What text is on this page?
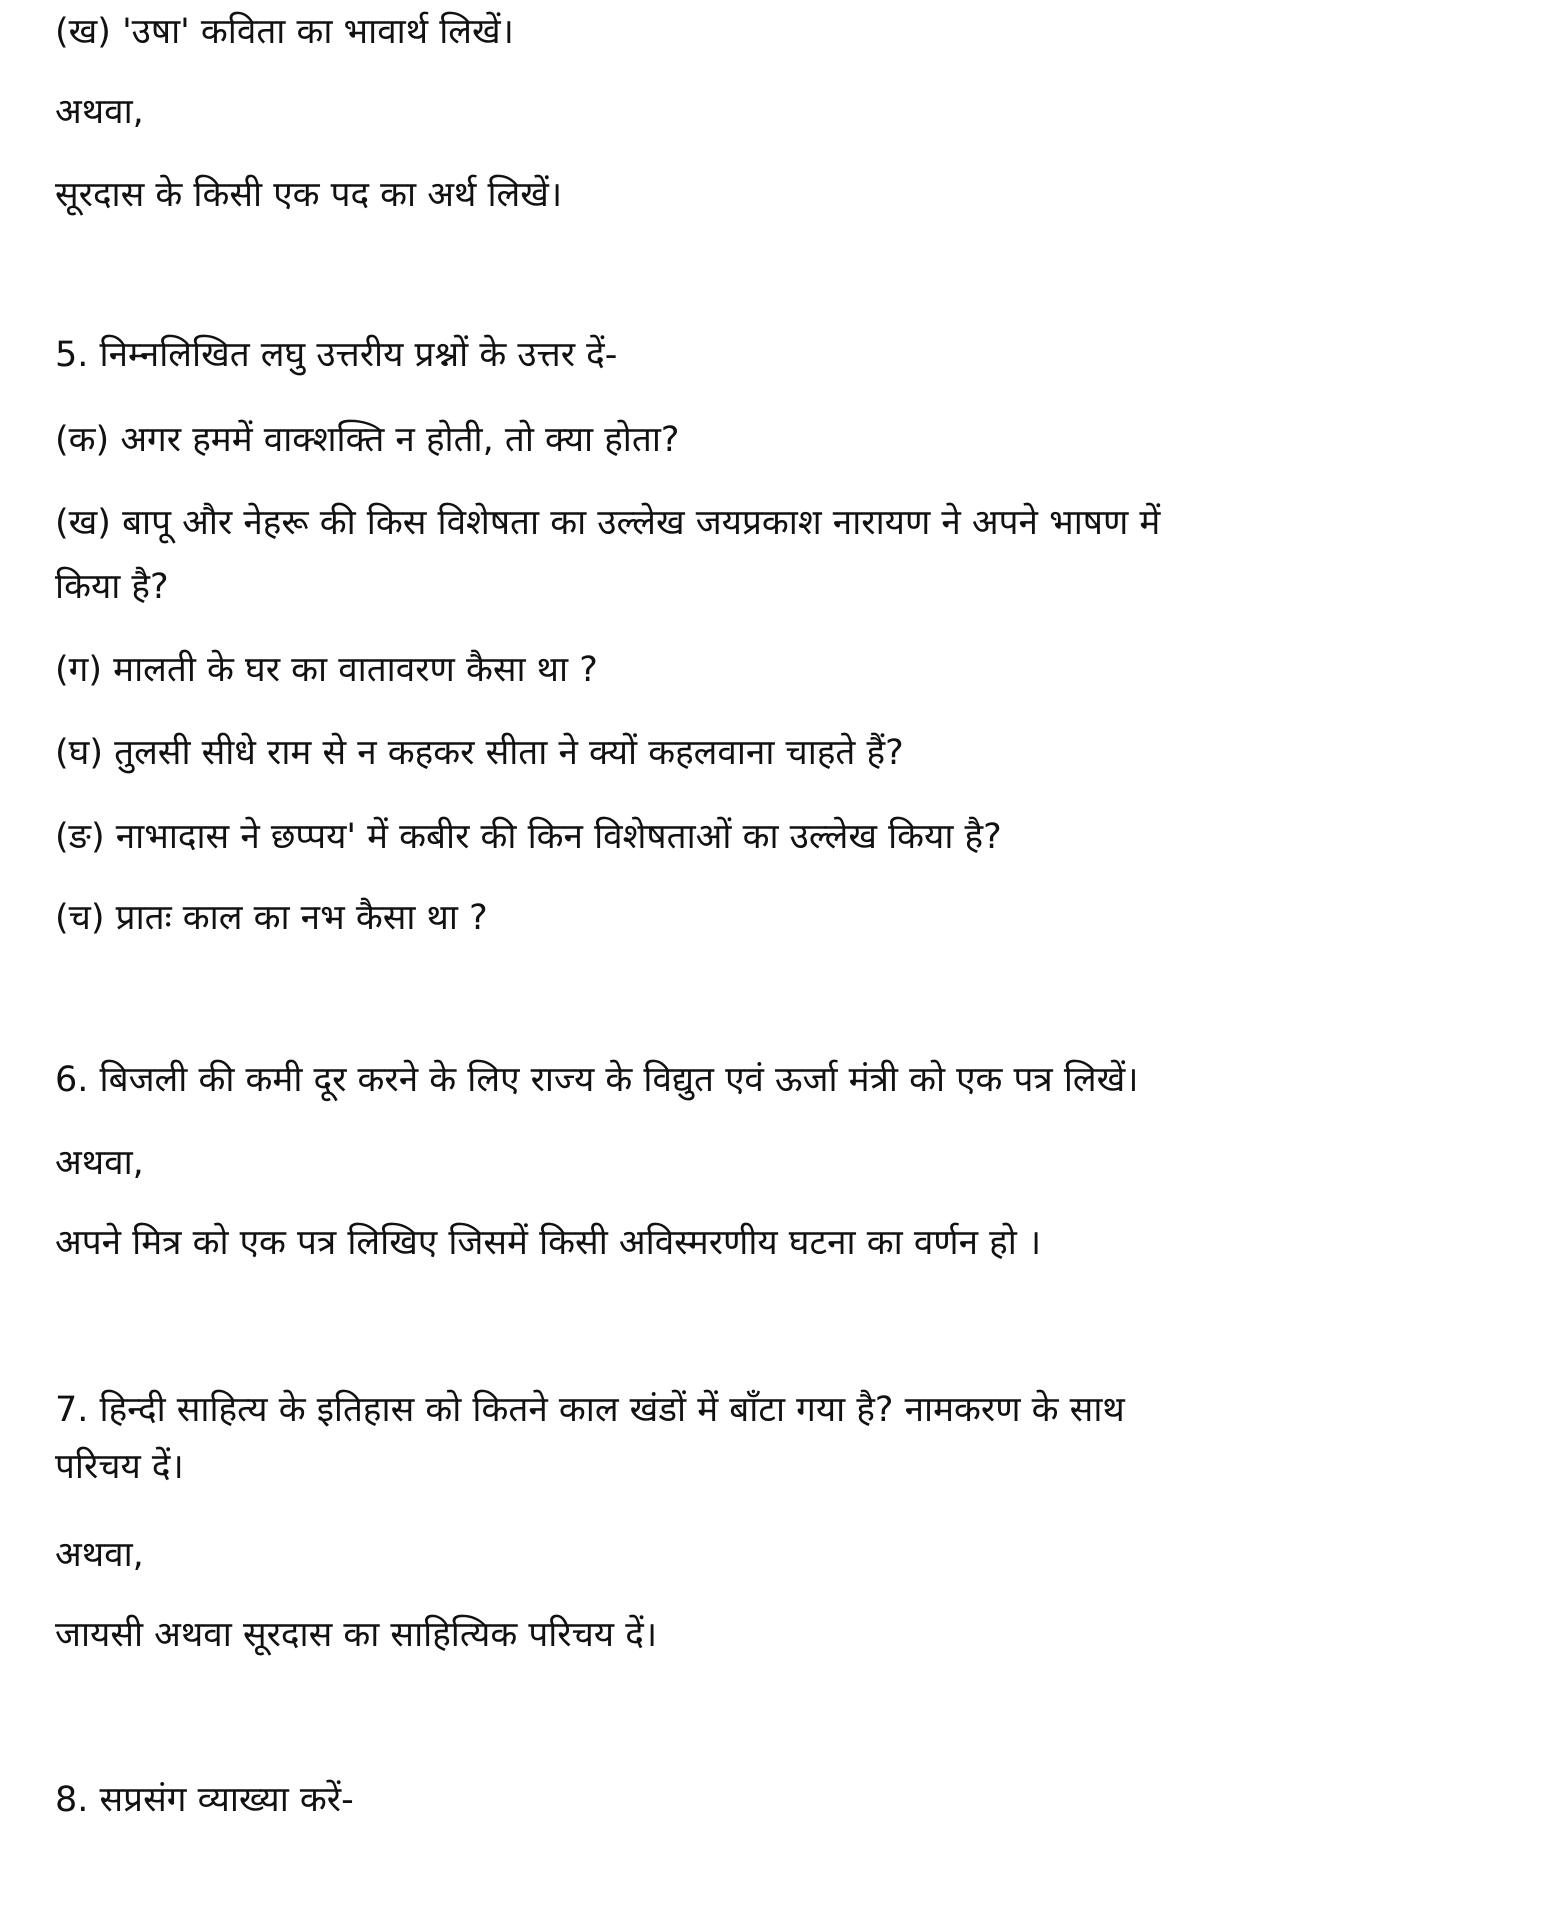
(ख) 'उषा' कविता का भावार्थ लिखें।

अथवा,

सूरदास के किसी एक पद का अर्थ लिखें।

5. निम्नलिखित लघु उत्तरीय प्रश्नों के उत्तर दें-

(क) अगर हममें वाक्शक्ति न होती, तो क्या होता?

(ख) बापू और नेहरू की किस विशेषता का उल्लेख जयप्रकाश नारायण ने अपने भाषण में

किया है?

(ग) मालती के घर का वातावरण कैसा था ?

(घ) तुलसी सीधे राम से न कहकर सीता ने क्यों कहलवाना चाहते हैं?

(ङ) नाभादास ने छप्पय' में कबीर की किन विशेषताओं का उल्लेख किया है?

(च) प्रातः काल का नभ कैसा था ?

6. बिजली की कमी दूर करने के लिए राज्य के विद्युत एवं ऊर्जा मंत्री को एक पत्र लिखें।

अथवा,

अपने मित्र को एक पत्र लिखिए जिसमें किसी अविस्मरणीय घटना का वर्णन हो ।

7. हिन्दी साहित्य के इतिहास को कितने काल खंडों में बाँटा गया है? नामकरण के साथ

परिचय दें।

अथवा,

जायसी अथवा सूरदास का साहित्यिक परिचय दें।

8. सप्रसंग व्याख्या करें-
